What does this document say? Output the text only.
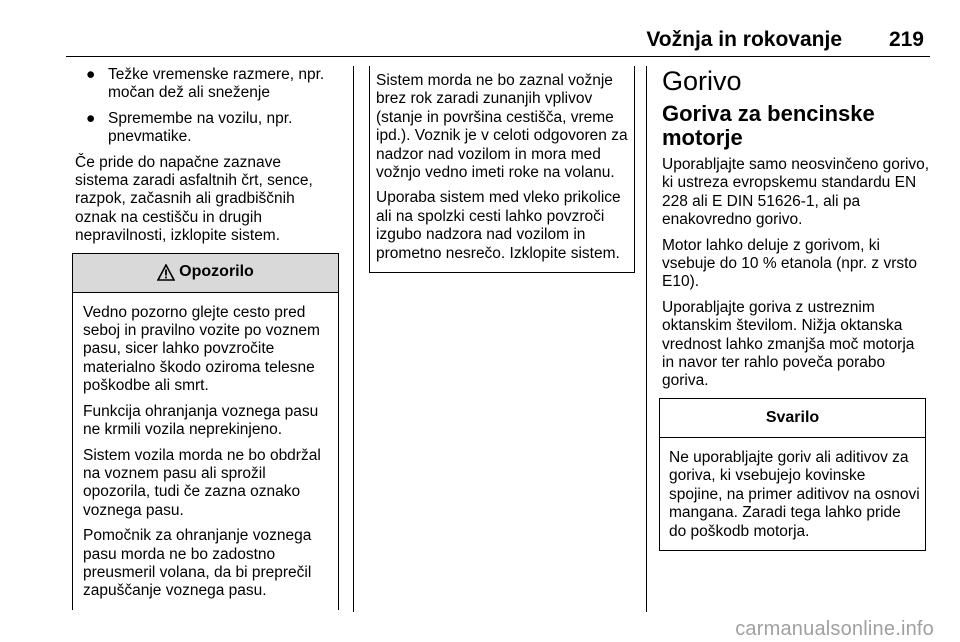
Vožnja in rokovanje 219
● Težke vremenske razmere, npr. močan dež ali sneženje
● Spremembe na vozilu, npr. pnevmatike.

Če pride do napačne zaznave sistema zaradi asfaltnih črt, sence, razpok, začasnih ali gradbiščnih oznak na cestišču in drugih nepravilnosti, izklopite sistem.

Opozorilo

Vedno pozorno glejte cesto pred seboj in pravilno vozite po voznem pasu, sicer lahko povzročite materialno škodo oziroma telesne poškodbe ali smrt.

Funkcija ohranjanja voznega pasu ne krmili vozila neprekinjeno.

Sistem vozila morda ne bo obdržal na voznem pasu ali sprožil opozorila, tudi če zazna oznako voznega pasu.

Pomočnik za ohranjanje voznega pasu morda ne bo zadostno preusmeril volana, da bi preprečil zapuščanje voznega pasu.

Sistem morda ne bo zaznal vožnje brez rok zaradi zunanjih vplivov (stanje in površina cestišča, vreme ipd.). Voznik je v celoti odgovoren za nadzor nad vozilom in mora med vožnjo vedno imeti roke na volanu.

Uporaba sistem med vleko prikolice ali na spolzki cesti lahko povzroči izgubo nadzora nad vozilom in prometno nesrečo. Izklopite sistem.

Gorivo
Goriva za bencinske motorje

Uporabljajte samo neosvinčeno gorivo, ki ustreza evropskemu standardu EN 228 ali E DIN 51626-1, ali pa enakovredno gorivo.

Motor lahko deluje z gorivom, ki vsebuje do 10 % etanola (npr. z vrsto E10).

Uporabljajte goriva z ustreznim oktanskim številom. Nižja oktanska vrednost lahko zmanjša moč motorja in navor ter rahlo poveča porabo goriva.

Svarilo

Ne uporabljajte goriv ali aditivov za goriva, ki vsebujejo kovinske spojine, na primer aditivov na osnovi mangana. Zaradi tega lahko pride do poškodb motorja.

carmanualsonline.info
